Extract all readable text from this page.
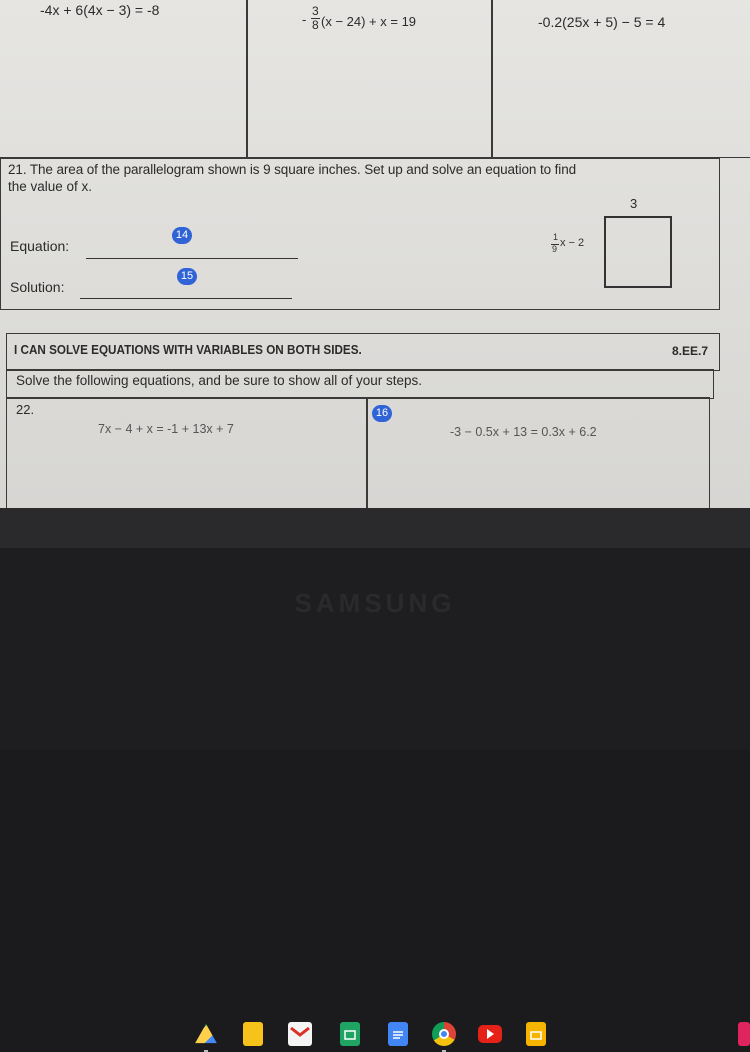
-4x + 6(4x − 3) = -8
-
3
8 (x − 24) + x = 19	-0.2(25x + 5) − 5 = 4
21. The area of the parallelogram shown is 9 square inches. Set up and solve an equation to find
the value of x.
3
1
9 x − 2
Equation:
14
Solution:
15
I CAN SOLVE EQUATIONS WITH VARIABLES ON BOTH SIDES.	8.EE.7
Solve the following equations, and be sure to show all of your steps.
22.
7x − 4 + x = -1 + 13x + 7
16
-3 − 0.5x + 13 = 0.3x + 6.2
SAMSUNG
